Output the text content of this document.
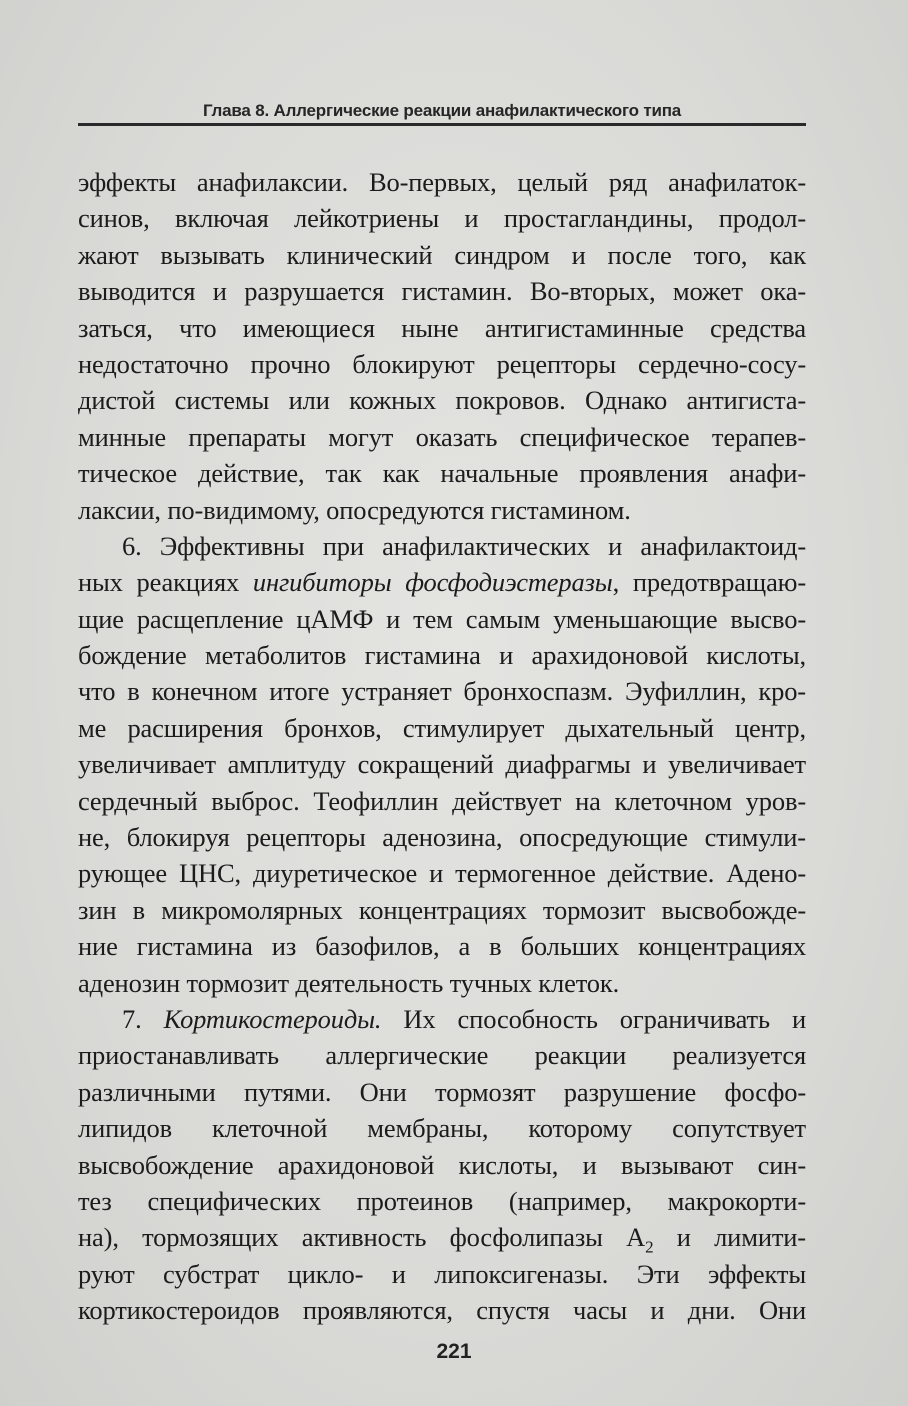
Глава 8. Аллергические реакции анафилактического типа
эффекты анафилаксии. Во-первых, целый ряд анафилаток-
синов, включая лейкотриены и простагландины, продол-
жают вызывать клинический синдром и после того, как
выводится и разрушается гистамин. Во-вторых, может ока-
заться, что имеющиеся ныне антигистаминные средства
недостаточно прочно блокируют рецепторы сердечно-сосу-
дистой системы или кожных покровов. Однако антигиста-
минные препараты могут оказать специфическое терапев-
тическое действие, так как начальные проявления анафи-
лаксии, по-видимому, опосредуются гистамином.
6. Эффективны при анафилактических и анафилактоид-
ных реакциях ингибиторы фосфодиэстеразы, предотвращаю-
щие расщепление цАМФ и тем самым уменьшающие высво-
бождение метаболитов гистамина и арахидоновой кислоты,
что в конечном итоге устраняет бронхоспазм. Эуфиллин, кро-
ме расширения бронхов, стимулирует дыхательный центр,
увеличивает амплитуду сокращений диафрагмы и увеличивает
сердечный выброс. Теофиллин действует на клеточном уров-
не, блокируя рецепторы аденозина, опосредующие стимули-
рующее ЦНС, диуретическое и термогенное действие. Адено-
зин в микромолярных концентрациях тормозит высвобожде-
ние гистамина из базофилов, а в больших концентрациях
аденозин тормозит деятельность тучных клеток.
7. Кортикостероиды. Их способность ограничивать и
приостанавливать аллергические реакции реализуется
различными путями. Они тормозят разрушение фосфо-
липидов клеточной мембраны, которому сопутствует
высвобождение арахидоновой кислоты, и вызывают син-
тез специфических протеинов (например, макрокорти-
на), тормозящих активность фосфолипазы $А_2$ и лимити-
руют субстрат цикло- и липоксигеназы. Эти эффекты
кортикостероидов проявляются, спустя часы и дни. Они
221
